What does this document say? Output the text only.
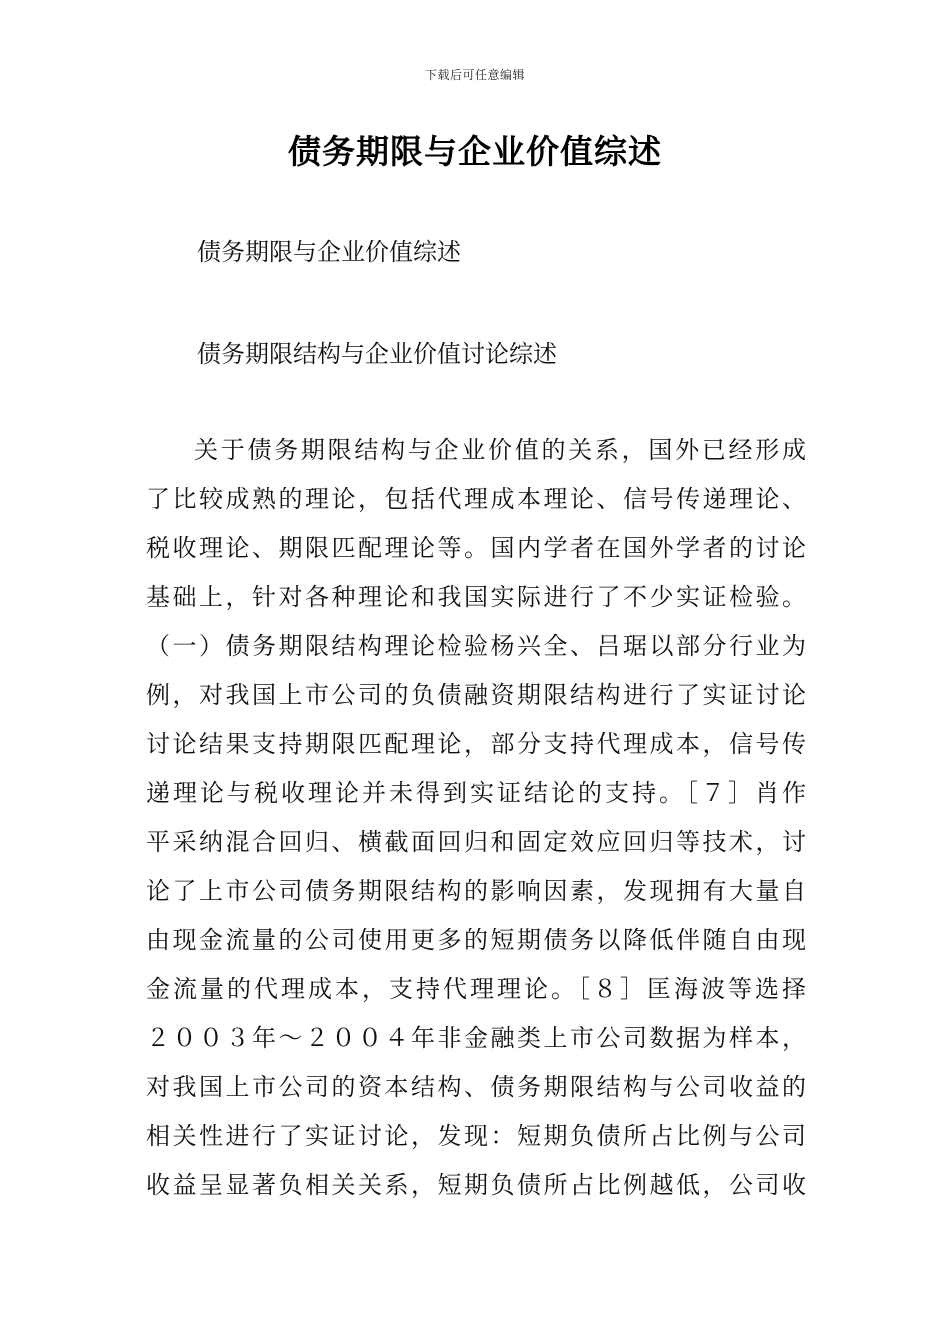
下载后可任意编辑
债务期限与企业价值综述
债务期限与企业价值综述
债务期限结构与企业价值讨论综述
关于债务期限结构与企业价值的关系，国外已经形成
了比较成熟的理论，包括代理成本理论、信号传递理论、
税收理论、期限匹配理论等。国内学者在国外学者的讨论
基础上，针对各种理论和我国实际进行了不少实证检验。
（一）债务期限结构理论检验杨兴全、吕琚以部分行业为
例，对我国上市公司的负债融资期限结构进行了实证讨论
讨论结果支持期限匹配理论，部分支持代理成本，信号传
递理论与税收理论并未得到实证结论的支持。［７］肖作
平采纳混合回归、横截面回归和固定效应回归等技术，讨
论了上市公司债务期限结构的影响因素，发现拥有大量自
由现金流量的公司使用更多的短期债务以降低伴随自由现
金流量的代理成本，支持代理理论。［８］匡海波等选择
２００３年～２００４年非金融类上市公司数据为样本，
对我国上市公司的资本结构、债务期限结构与公司收益的
相关性进行了实证讨论，发现：短期负债所占比例与公司
收益呈显著负相关关系，短期负债所占比例越低，公司收
